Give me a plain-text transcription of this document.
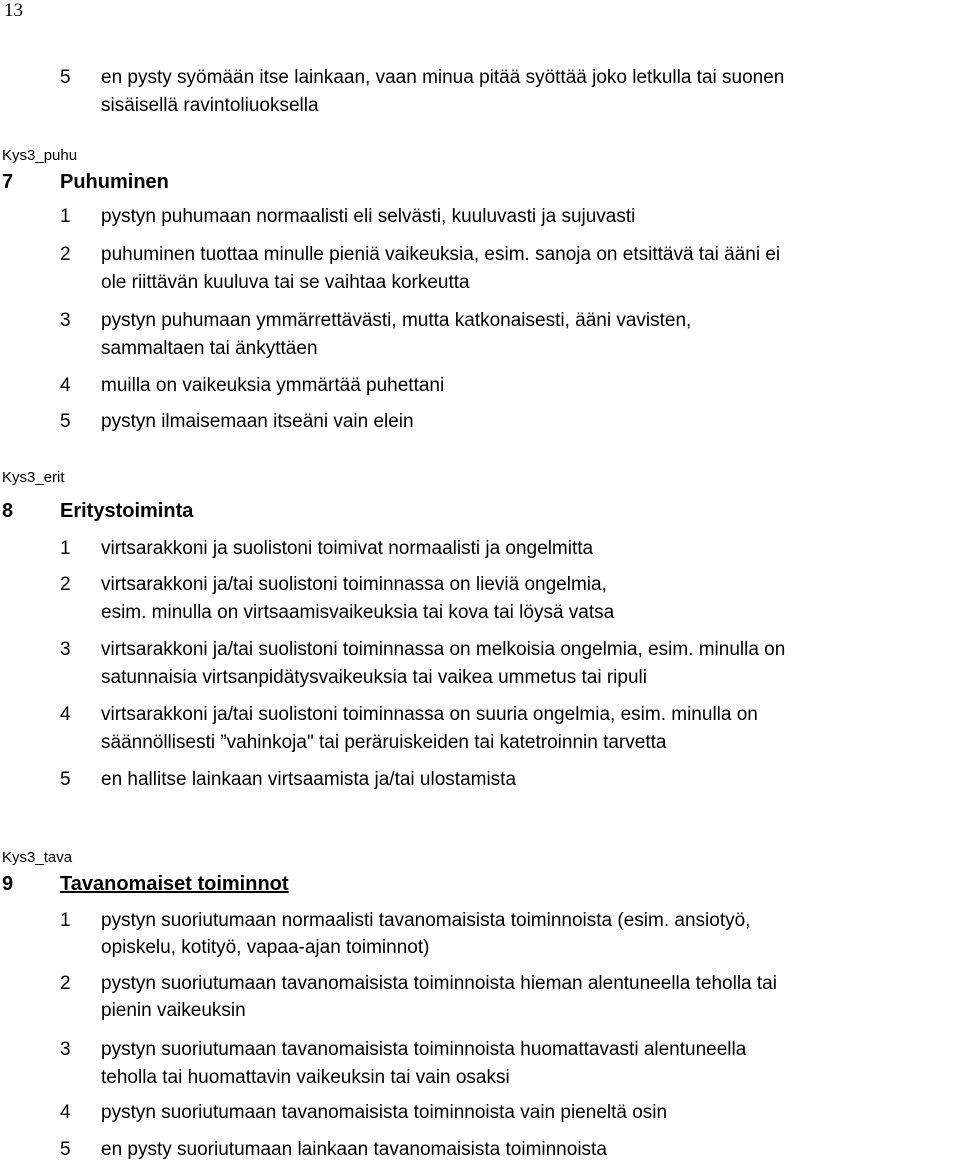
13
5 en pysty syömään itse lainkaan, vaan minua pitää syöttää joko letkulla tai suonen
sisäisellä ravintoliuoksella
Kys3_puhu
7 Puhuminen
1 pystyn puhumaan normaalisti eli selvästi, kuuluvasti ja sujuvasti
2 puhuminen tuottaa minulle pieniä vaikeuksia, esim. sanoja on etsittävä tai ääni ei
ole riittävän kuuluva tai se vaihtaa korkeutta
3 pystyn puhumaan ymmärrettävästi, mutta katkonaisesti, ääni vavisten,
sammaltaen tai änkyttäen
4 muilla on vaikeuksia ymmärtää puhettani
5 pystyn ilmaisemaan itseäni vain elein
Kys3_erit
8 Eritystoiminta
1 virtsarakkoni ja suolistoni toimivat normaalisti ja ongelmitta
2 virtsarakkoni ja/tai suolistoni toiminnassa on lieviä ongelmia,
esim. minulla on virtsaamisvaikeuksia tai kova tai löysä vatsa
3 virtsarakkoni ja/tai suolistoni toiminnassa on melkoisia ongelmia, esim. minulla on
satunnaisia virtsanpidätysvaikeuksia tai vaikea ummetus tai ripuli
4 virtsarakkoni ja/tai suolistoni toiminnassa on suuria ongelmia, esim. minulla on
säännöllisesti ”vahinkoja" tai peräruiskeiden tai katetroinnin tarvetta
5 en hallitse lainkaan virtsaamista ja/tai ulostamista
Kys3_tava
9 Tavanomaiset toiminnot
1 pystyn suoriutumaan normaalisti tavanomaisista toiminnoista (esim. ansiotyö,
opiskelu, kotityö, vapaa-ajan toiminnot)
2 pystyn suoriutumaan tavanomaisista toiminnoista hieman alentuneella teholla tai
pienin vaikeuksin
3 pystyn suoriutumaan tavanomaisista toiminnoista huomattavasti alentuneella
teholla tai huomattavin vaikeuksin tai vain osaksi
4 pystyn suoriutumaan tavanomaisista toiminnoista vain pieneltä osin
5 en pysty suoriutumaan lainkaan tavanomaisista toiminnoista
